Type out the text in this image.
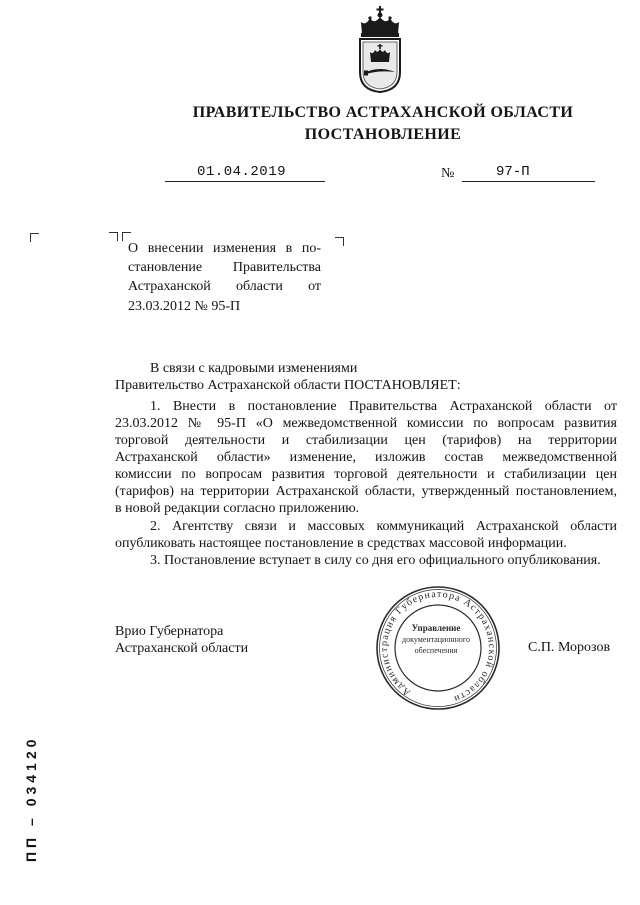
ПРАВИТЕЛЬСТВО АСТРАХАНСКОЙ ОБЛАСТИ
ПОСТАНОВЛЕНИЕ
01.04.2019	№	97-П
О внесении изменения в по-
становление Правительства
Астраханской области от
23.03.2012 № 95-П
В связи с кадровыми изменениями
Правительство Астраханской области ПОСТАНОВЛЯЕТ:
1. Внести в постановление Правительства Астраханской области от
23.03.2012 № 95-П «О межведомственной комиссии по вопросам развития
торговой деятельности и стабилизации цен (тарифов) на территории
Астраханской области» изменение, изложив состав межведомственной
комиссии по вопросам развития торговой деятельности и стабилизации цен
(тарифов) на территории Астраханской области, утвержденный постановлением,
в новой редакции согласно приложению.
2. Агентству связи и массовых коммуникаций Астраханской области
опубликовать настоящее постановление в средствах массовой информации.
3. Постановление вступает в силу со дня его официального опубликования.
Врио Губернатора
Астраханской области	С.П. Морозов
Администрация Губернатора Астраханской области
Управление
документационного
обеспечения
ПП – 034120
